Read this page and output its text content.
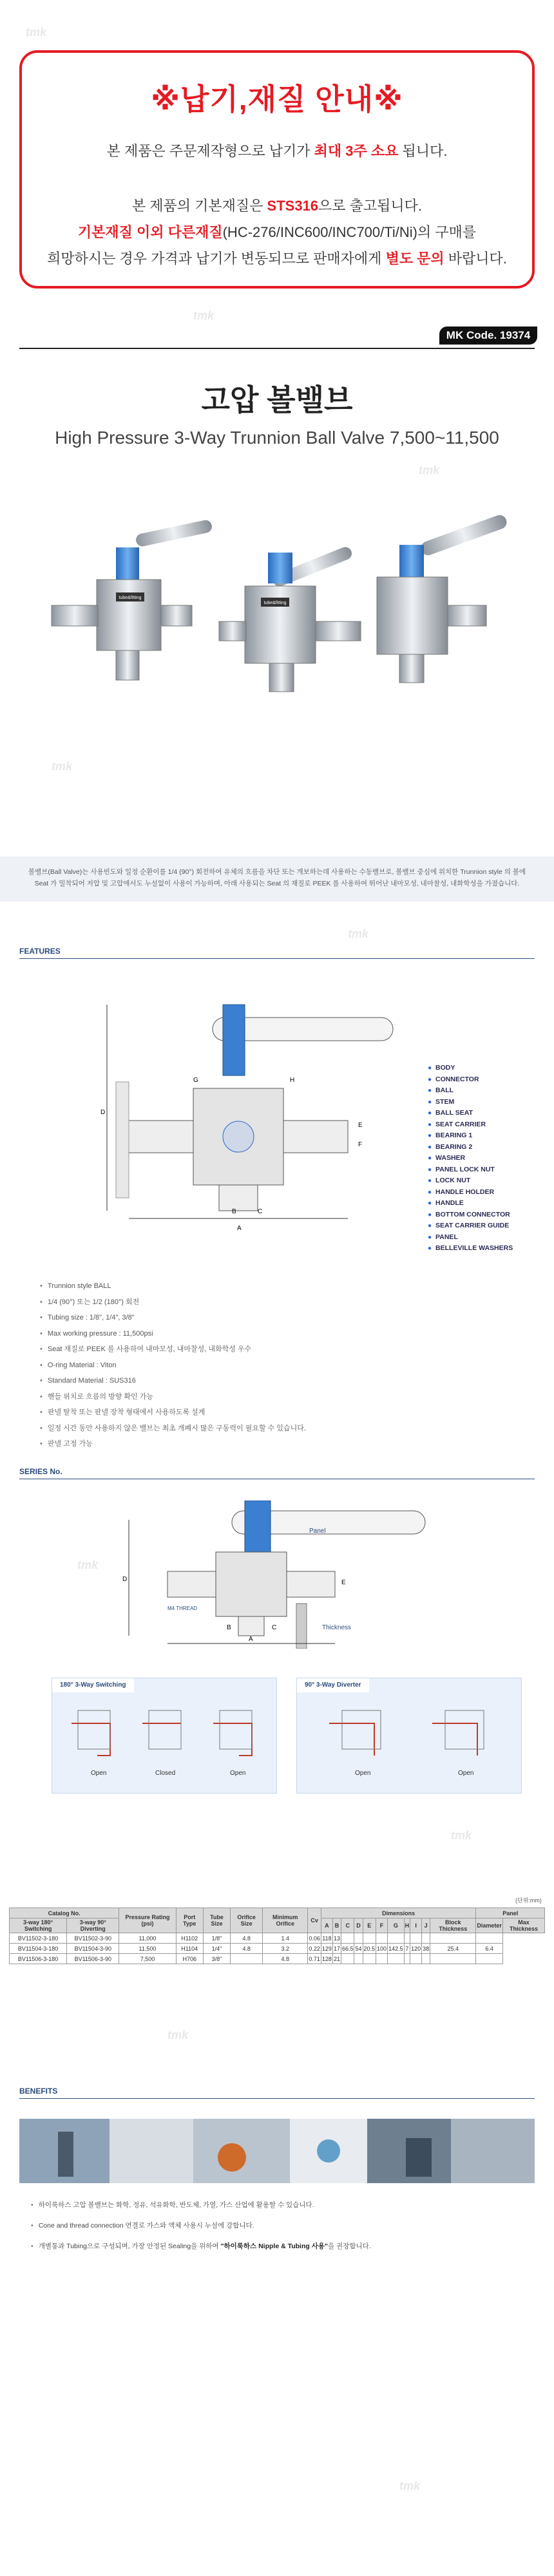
tmk
tmk
tmk
tmk
tmk
tmk
tmk
tmk
tmk
※납기,재질 안내※
본 제품은 주문제작형으로 납기가 최대 3주 소요 됩니다.
본 제품의 기본재질은 STS316으로 출고됩니다.
기본재질 이외 다른재질(HC-276/INC600/INC700/Ti/Ni)의 구매를
희망하시는 경우 가격과 납기가 변동되므로 판매자에게 별도 문의 바랍니다.
MK Code. 19374
고압 볼밸브
High Pressure 3-Way Trunnion Ball Valve 7,500~11,500
tube&fitting
tube&fitting
볼밸브(Ball Valve)는 사용빈도와 일정 순환이를 1/4 (90°) 회전하여 유체의 흐름을 차단 또는 개보하는데 사용하는 수동밸브로, 볼밸브 중심에 위치한 Trunnion style 의 볼에
Seat 가 밀착되어 저압 및 고압에서도 누설없이 사용이 가능하며, 아래 사용되는 Seat 의 재질로 PEEK 를 사용하여 뛰어난 내마모성, 내마찰성, 내화학성을 가졌습니다.
FEATURES
D
A
B	C
E
F
G	H
● BODY
● CONNECTOR
● BALL
● STEM
● BALL SEAT
● SEAT CARRIER
● BEARING 1
● BEARING 2
● WASHER
● PANEL LOCK NUT
● LOCK NUT
● HANDLE HOLDER
● HANDLE
● BOTTOM CONNECTOR
● SEAT CARRIER GUIDE
● PANEL
● BELLEVILLE WASHERS
• Trunnion style BALL
• 1/4 (90°) 또는 1/2 (180°) 회전
• Tubing size : 1/8", 1/4", 3/8"
• Max working pressure : 11,500psi
• Seat 재질로 PEEK 를 사용하여 내마모성, 내마찰성, 내화학성 우수
• O-ring Material : Viton
• Standard Material : SUS316
• 핸들 위치로 흐름의 방향 확인 가능
• 판넬 탈착 또는 판넬 장착 형태에서 사용하도록 설계
• 일정 시간 동안 사용하지 않은 밸브는 최초 개폐시 많은 구동력이 필요할 수 있습니다.
• 판넬 고정 가능
SERIES No.
Panel
Thickness
M4 THREAD
D
A
B	C
E
180° 3-Way Switching
Open	Closed	Open
90° 3-Way Diverter
Open	Open
(단위:mm)
Catalog No.		Pressure Rating (psi)	Port Type	Tube Size	Orifice Size	Minimum Orifice	Cv	Dimensions											Panel	
3-way 180° Switching	3-way 90° Diverting							A	B	C	D	E	F	G	H	I	J	Block Thickness	Diameter	Max Thickness
BV11502-3-180	BV11502-3-90	11,000	H1102	1/8"	4.8	1.4	0.06	118	13											
BV11504-3-180	BV11504-3-90	11,500	H1104	1/4"	4.8	3.2	0.22	129	17	66.5	54	20.5	100	142.5	7	120	38	25.4	6.4	
BV11506-3-180	BV11506-3-90	7,500	H706	3/8"		4.8	0.71	128	21											
BENEFITS
• 하이룩하스 고압 볼밸브는 화학, 정유, 석유화학, 반도체, 가열, 가스 산업에 활용할 수 있습니다.
• Cone and thread connection 연결로 가스와 액체 사용시 누설에 강합니다.
• 개별통과 Tubing으로 구성되며, 가장 안정된 Sealing을 위하여 "하이룩하스 Nipple & Tubing 사용"을 권장합니다.
